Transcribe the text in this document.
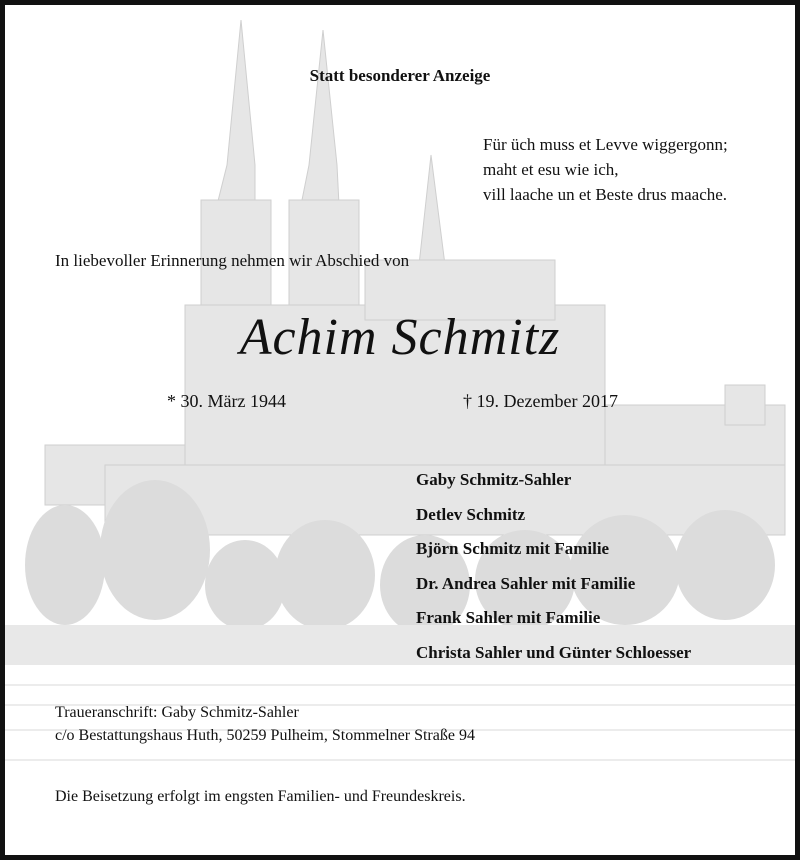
Statt besonderer Anzeige
Für üch muss et Levve wiggergonn;
maht et esu wie ich,
vill laache un et Beste drus maache.
In liebevoller Erinnerung nehmen wir Abschied von
Achim Schmitz
* 30. März 1944	† 19. Dezember 2017
Gaby Schmitz-Sahler
Detlev Schmitz
Björn Schmitz mit Familie
Dr. Andrea Sahler mit Familie
Frank Sahler mit Familie
Christa Sahler und Günter Schloesser
Traueranschrift: Gaby Schmitz-Sahler
c/o Bestattungshaus Huth, 50259 Pulheim, Stommelner Straße 94
Die Beisetzung erfolgt im engsten Familien- und Freundeskreis.
